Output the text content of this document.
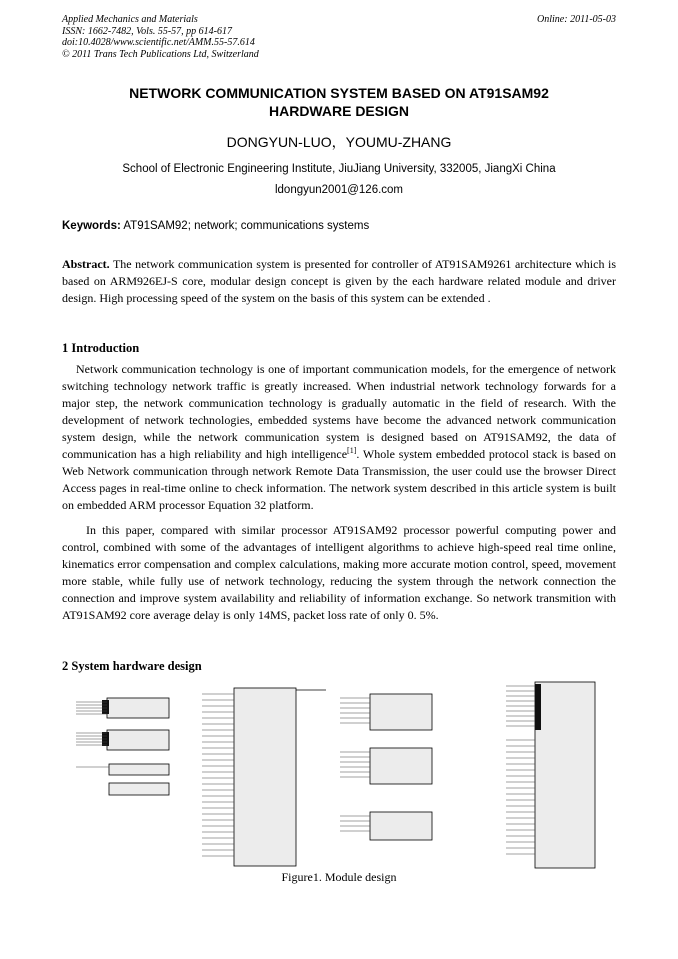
Applied Mechanics and Materials
ISSN: 1662-7482, Vols. 55-57, pp 614-617
doi:10.4028/www.scientific.net/AMM.55-57.614
© 2011 Trans Tech Publications Ltd, Switzerland
Online: 2011-05-03
NETWORK COMMUNICATION SYSTEM BASED ON AT91SAM92
HARDWARE DESIGN
DONGYUN-LUO，YOUMU-ZHANG
School of Electronic Engineering Institute, JiuJiang University, 332005, JiangXi China
ldongyun2001@126.com
Keywords: AT91SAM92; network; communications systems
Abstract. The network communication system is presented for controller of AT91SAM9261 architecture which is based on ARM926EJ-S core, modular design concept is given by the each hardware related module and driver design. High processing speed of the system on the basis of this system can be extended .
1 Introduction
Network communication technology is one of important communication models, for the emergence of network switching technology network traffic is greatly increased. When industrial network technology forwards for a major step, the network communication technology is gradually automatic in the field of research. With the development of network technologies, embedded systems have become the advanced network communication system design, while the network communication system is designed based on AT91SAM92, the data of communication has a high reliability and high intelligence[1]. Whole system embedded protocol stack is based on Web Network communication through network Remote Data Transmission, the user could use the browser Direct Access pages in real-time online to check information. The network system described in this article system is built on embedded ARM processor Equation 32 platform.
In this paper, compared with similar processor AT91SAM92 processor powerful computing power and control, combined with some of the advantages of intelligent algorithms to achieve high-speed real time online, kinematics error compensation and complex calculations, making more accurate motion control, speed, movement more stable, while fully use of network technology, reducing the system through the network connection the connection and improve system availability and reliability of information exchange. So network transmition with AT91SAM92 core average delay is only 14MS, packet loss rate of only 0. 5%.
2 System hardware design
Figure1. Module design
